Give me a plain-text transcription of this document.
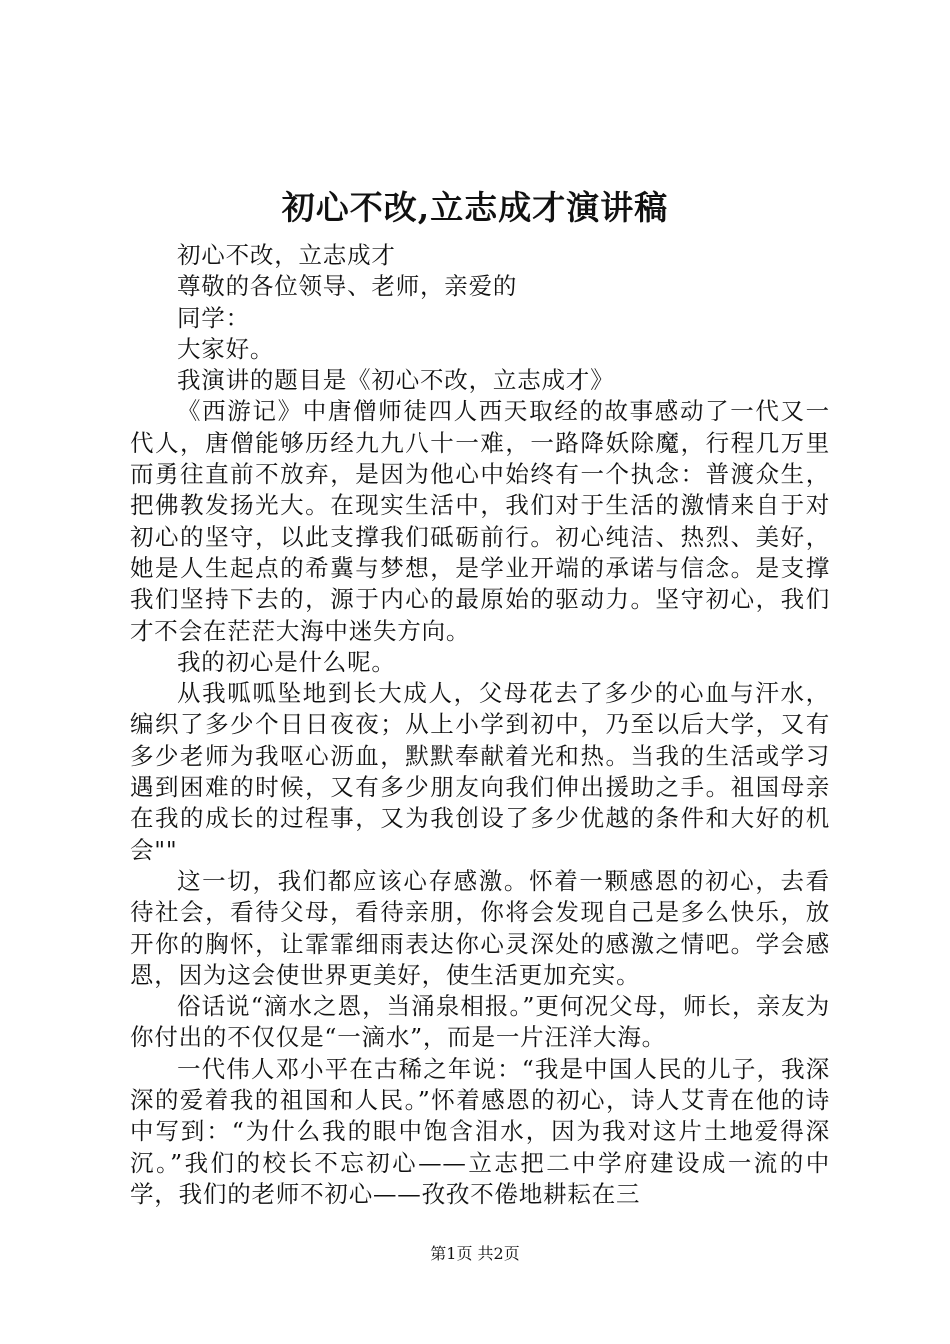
初心不改,立志成才演讲稿

初心不改，立志成才

尊敬的各位领导、老师，亲爱的

同学：

大家好。

我演讲的题目是《初心不改，立志成才》

《西游记》中唐僧师徒四人西天取经的故事感动了一代又一代人，唐僧能够历经九九八十一难，一路降妖除魔，行程几万里而勇往直前不放弃，是因为他心中始终有一个执念：普渡众生，把佛教发扬光大。在现实生活中，我们对于生活的激情来自于对初心的坚守，以此支撑我们砥砺前行。初心纯洁、热烈、美好，她是人生起点的希冀与梦想，是学业开端的承诺与信念。是支撑我们坚持下去的，源于内心的最原始的驱动力。坚守初心，我们才不会在茫茫大海中迷失方向。

我的初心是什么呢。

从我呱呱坠地到长大成人，父母花去了多少的心血与汗水，编织了多少个日日夜夜；从上小学到初中，乃至以后大学，又有多少老师为我呕心沥血，默默奉献着光和热。当我的生活或学习遇到困难的时候，又有多少朋友向我们伸出援助之手。祖国母亲在我的成长的过程事，又为我创设了多少优越的条件和大好的机会""

这一切，我们都应该心存感激。怀着一颗感恩的初心，去看待社会，看待父母，看待亲朋，你将会发现自己是多么快乐，放开你的胸怀，让霏霏细雨表达你心灵深处的感激之情吧。学会感恩，因为这会使世界更美好，使生活更加充实。

俗话说“滴水之恩，当涌泉相报。”更何况父母，师长，亲友为你付出的不仅仅是“一滴水”，而是一片汪洋大海。

一代伟人邓小平在古稀之年说：“我是中国人民的儿子，我深深的爱着我的祖国和人民。”怀着感恩的初心，诗人艾青在他的诗中写到：“为什么我的眼中饱含泪水，因为我对这片土地爱得深沉。”我们的校长不忘初心——立志把二中学府建设成一流的中学，我们的老师不初心——孜孜不倦地耕耘在三

第1页 共2页
